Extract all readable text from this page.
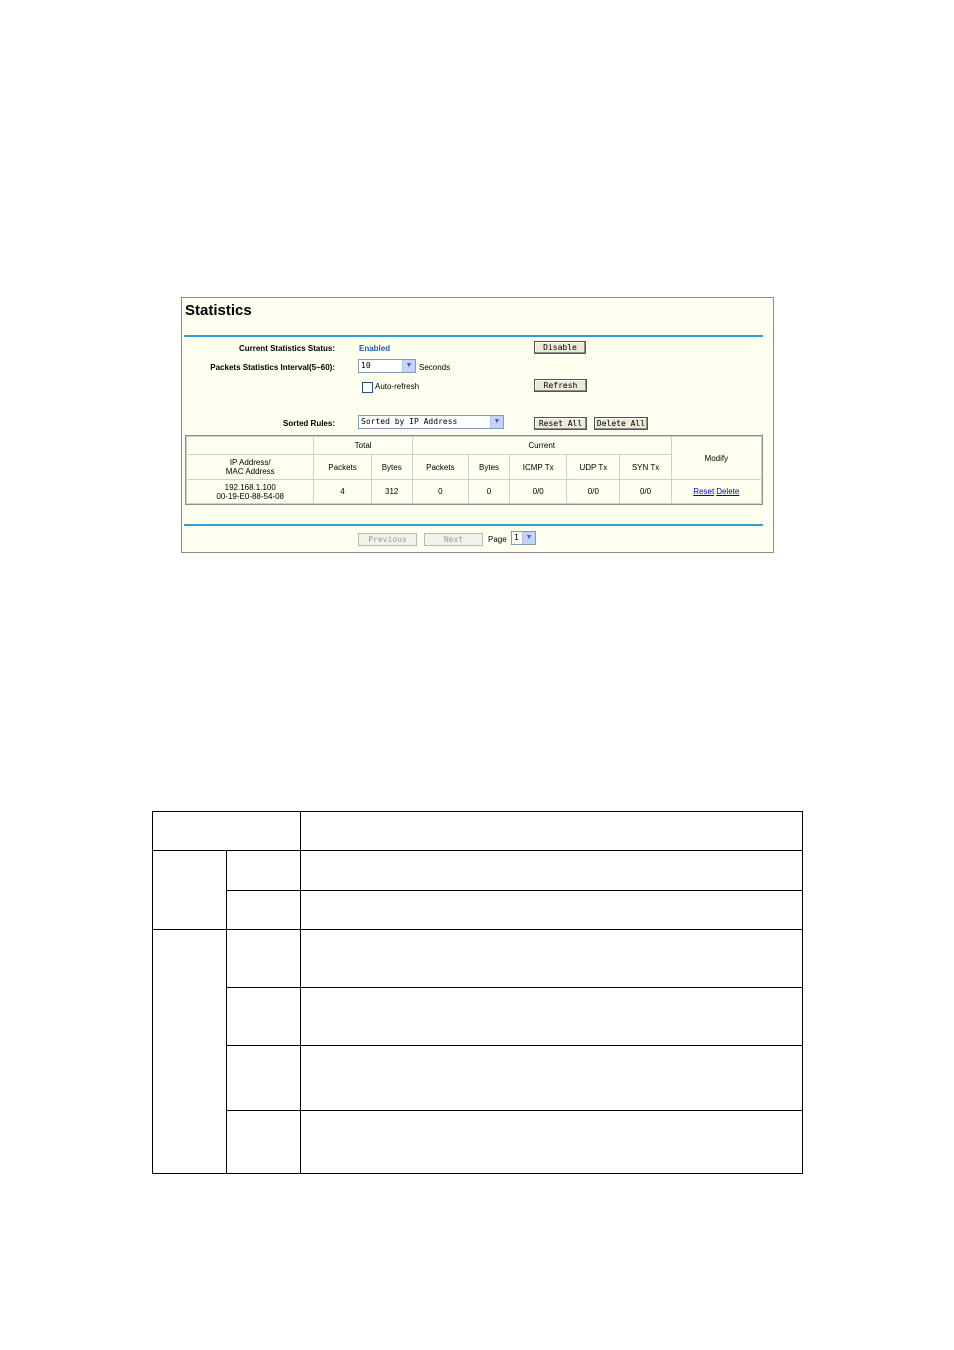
Statistics
Current Statistics Status:	Enabled	Disable
Packets Statistics Interval(5~60):	10	▼ Seconds
Auto-refresh	Refresh
Sorted Rules:	Sorted by IP Address	▼	Reset All	Delete All
	Total		Current					Modify

IP Address/
MAC Address	Packets	Bytes	Packets	Bytes	ICMP Tx	UDP Tx	SYN Tx	

192.168.1.100
00-19-E0-88-54-08	4	312	0	0	0/0	0/0	0/0	Reset Delete
Previous	Next	Page 1 ▼
